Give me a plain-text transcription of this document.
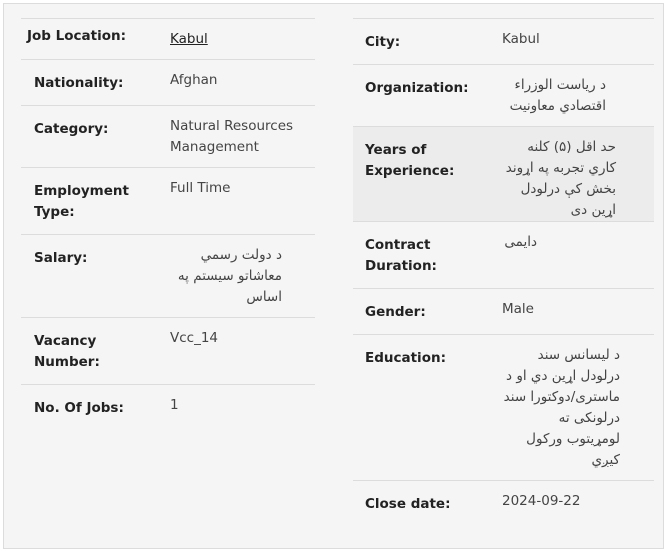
Job Location:	Kabul
Nationality:	Afghan
Category:	Natural Resources Management
Employment Type:	Full Time
Salary:	د دولت رسمي معاشاتو سیستم په اساس
Vacancy Number:	Vcc_14
No. Of Jobs:	1
City:	Kabul
Organization:	د ریاست الوزراء اقتصادي معاونیت
Years of Experience:	حد اقل (۵) کلنه کاري تجربه په اړوند بخش کې درلودل اړین دی
Contract Duration:	دایمی
Gender:	Male
Education:	د لیسانس سند درلودل اړین دي او د ماستری/دوکتورا سند درلونکی ته لومړیتوب ورکول کیږي
Close date:	2024-09-22
